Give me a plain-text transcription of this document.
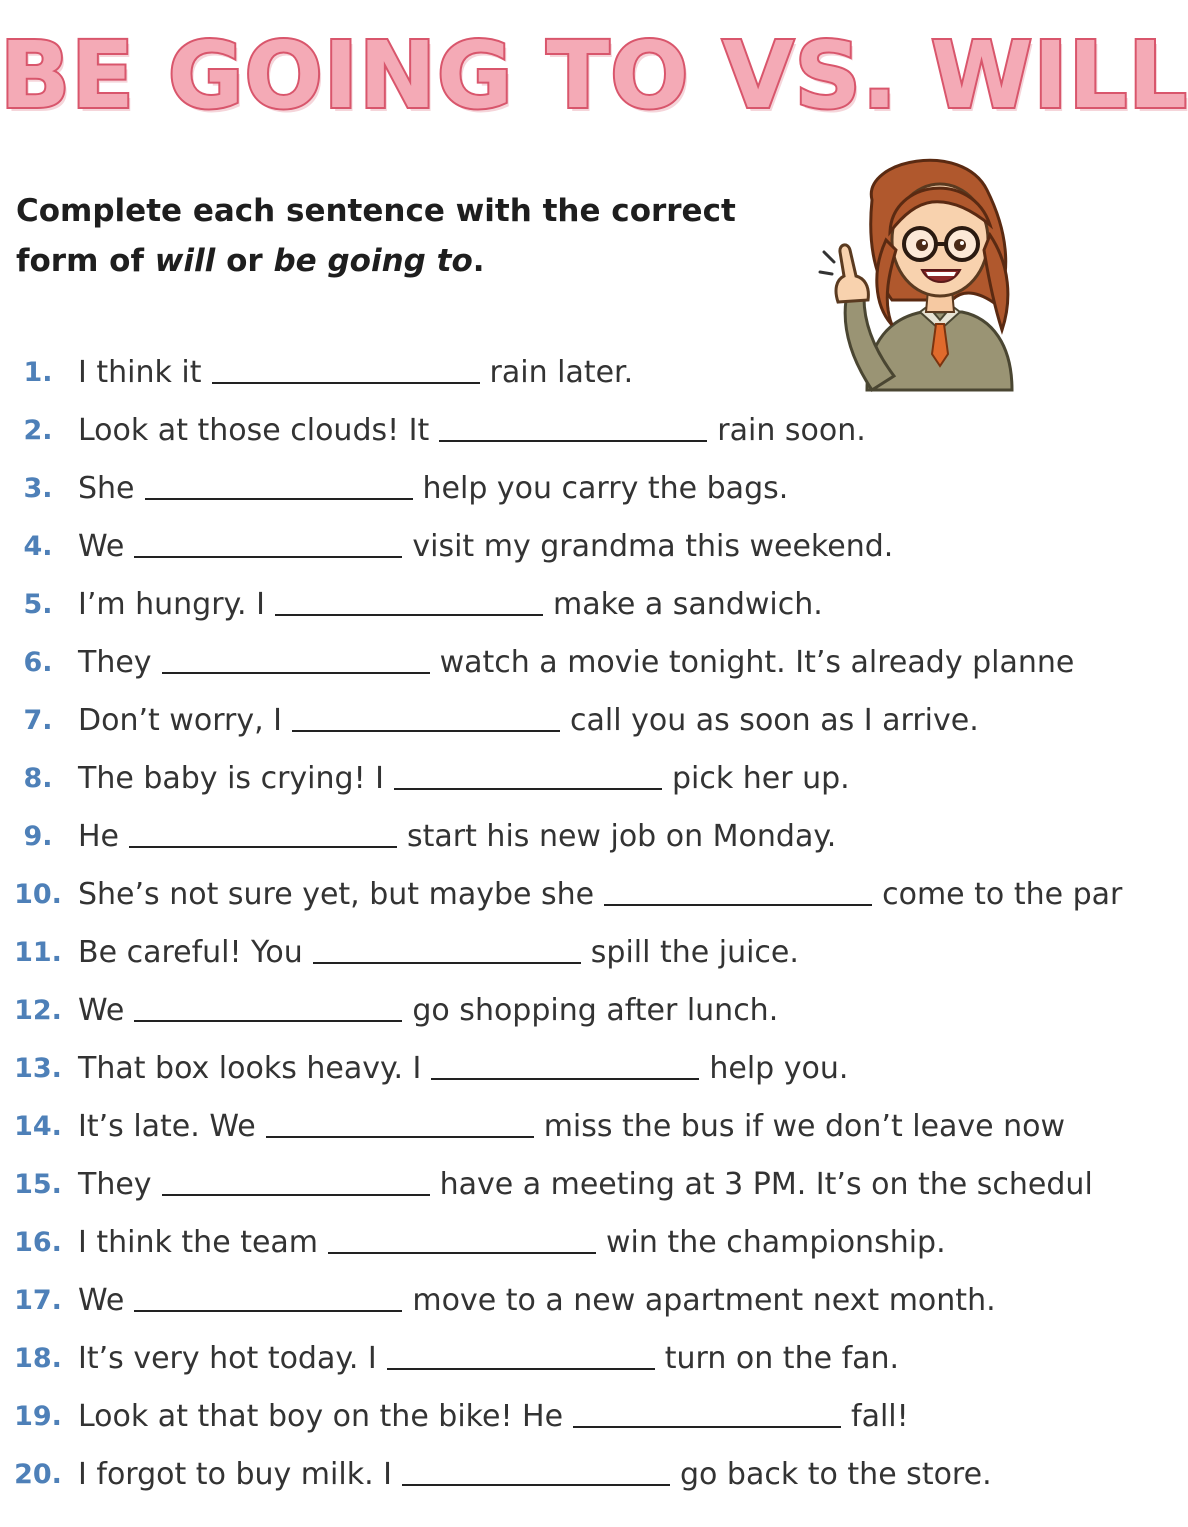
BE GOING TO VS. WILL
Complete each sentence with the correct
form of will or be going to.
1. I think it	rain later.
2. Look at those clouds! It	rain soon.
3. She	help you carry the bags.
4. We	visit my grandma this weekend.
5. I’m hungry. I	make a sandwich.
6. They	watch a movie tonight. It’s already planne
7. Don’t worry, I	call you as soon as I arrive.
8. The baby is crying! I	pick her up.
9. He	start his new job on Monday.
10. She’s not sure yet, but maybe she	come to the par
11. Be careful! You	spill the juice.
12. We	go shopping after lunch.
13. That box looks heavy. I	help you.
14. It’s late. We	miss the bus if we don’t leave now
15. They	have a meeting at 3 PM. It’s on the schedul
16. I think the team	win the championship.
17. We	move to a new apartment next month.
18. It’s very hot today. I	turn on the fan.
19. Look at that boy on the bike! He	fall!
20. I forgot to buy milk. I	go back to the store.
